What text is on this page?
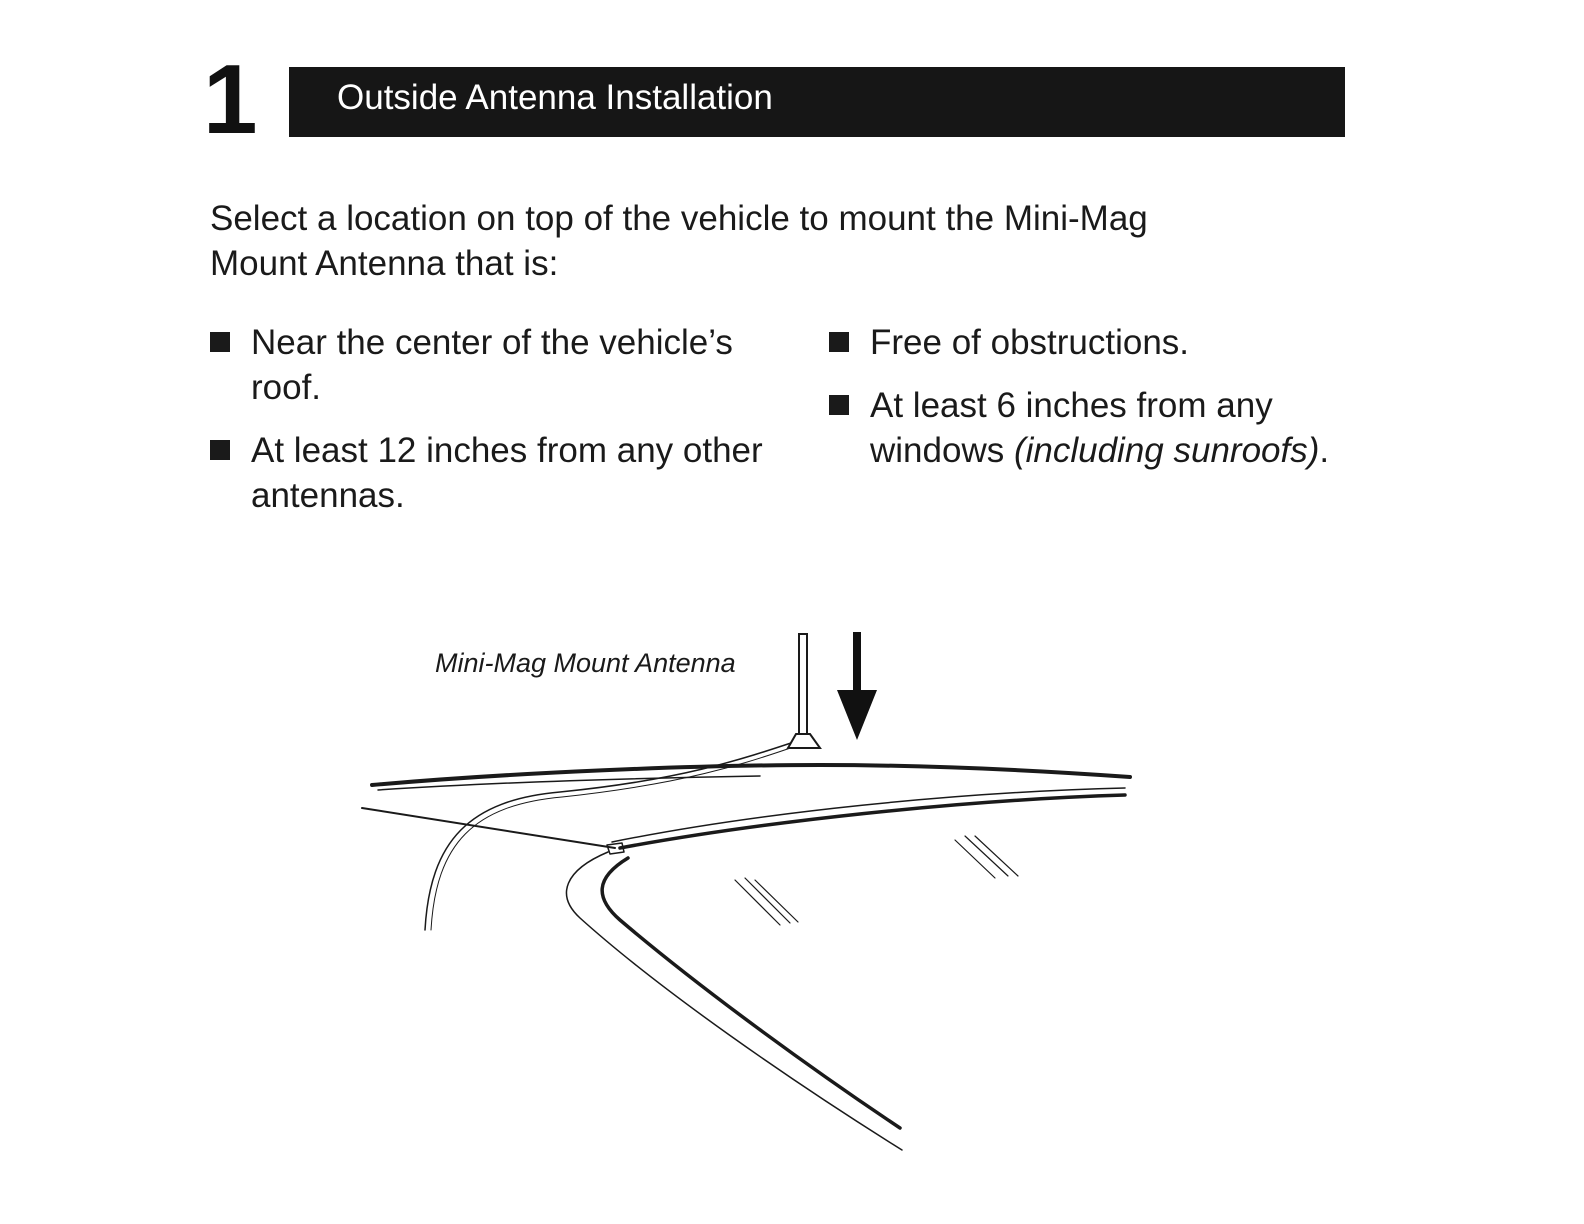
1 Outside Antenna Installation
Select a location on top of the vehicle to mount the Mini-Mag Mount Antenna that is:
Near the center of the vehicle’s roof.
At least 12 inches from any other antennas.
Free of obstructions.
At least 6 inches from any windows (including sunroofs).
Mini-Mag Mount Antenna
